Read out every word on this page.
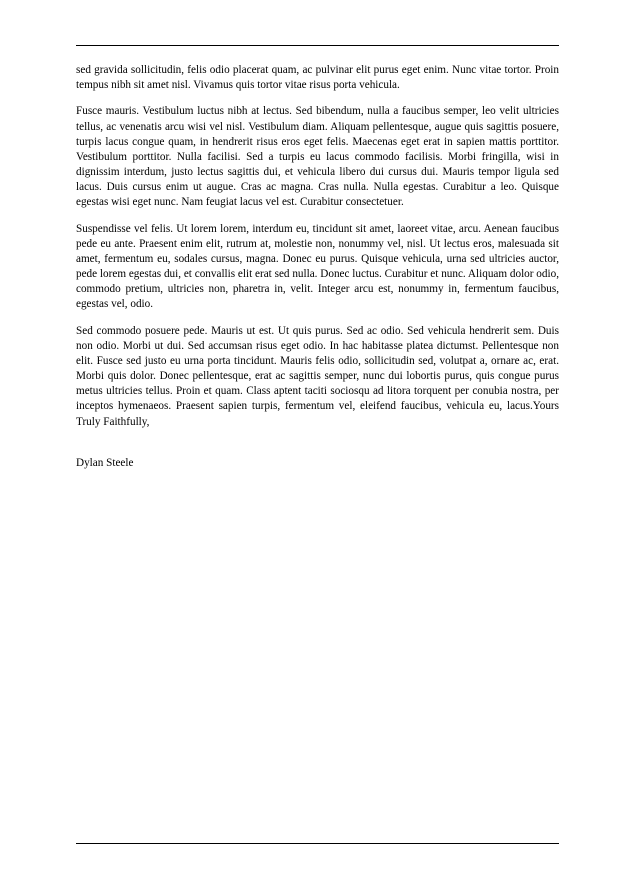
sed gravida sollicitudin, felis odio placerat quam, ac pulvinar elit purus eget enim. Nunc vitae tortor. Proin tempus nibh sit amet nisl. Vivamus quis tortor vitae risus porta vehicula.

Fusce mauris. Vestibulum luctus nibh at lectus. Sed bibendum, nulla a faucibus semper, leo velit ultricies tellus, ac venenatis arcu wisi vel nisl. Vestibulum diam. Aliquam pellentesque, augue quis sagittis posuere, turpis lacus congue quam, in hendrerit risus eros eget felis. Maecenas eget erat in sapien mattis porttitor. Vestibulum porttitor. Nulla facilisi. Sed a turpis eu lacus commodo facilisis. Morbi fringilla, wisi in dignissim interdum, justo lectus sagittis dui, et vehicula libero dui cursus dui. Mauris tempor ligula sed lacus. Duis cursus enim ut augue. Cras ac magna. Cras nulla. Nulla egestas. Curabitur a leo. Quisque egestas wisi eget nunc. Nam feugiat lacus vel est. Curabitur consectetuer.

Suspendisse vel felis. Ut lorem lorem, interdum eu, tincidunt sit amet, laoreet vitae, arcu. Aenean faucibus pede eu ante. Praesent enim elit, rutrum at, molestie non, nonummy vel, nisl. Ut lectus eros, malesuada sit amet, fermentum eu, sodales cursus, magna. Donec eu purus. Quisque vehicula, urna sed ultricies auctor, pede lorem egestas dui, et convallis elit erat sed nulla. Donec luctus. Curabitur et nunc. Aliquam dolor odio, commodo pretium, ultricies non, pharetra in, velit. Integer arcu est, nonummy in, fermentum faucibus, egestas vel, odio.

Sed commodo posuere pede. Mauris ut est. Ut quis purus. Sed ac odio. Sed vehicula hendrerit sem. Duis non odio. Morbi ut dui. Sed accumsan risus eget odio. In hac habitasse platea dictumst. Pellentesque non elit. Fusce sed justo eu urna porta tincidunt. Mauris felis odio, sollicitudin sed, volutpat a, ornare ac, erat. Morbi quis dolor. Donec pellentesque, erat ac sagittis semper, nunc dui lobortis purus, quis congue purus metus ultricies tellus. Proin et quam. Class aptent taciti sociosqu ad litora torquent per conubia nostra, per inceptos hymenaeos. Praesent sapien turpis, fermentum vel, eleifend faucibus, vehicula eu, lacus.Yours Truly Faithfully,

Dylan Steele
